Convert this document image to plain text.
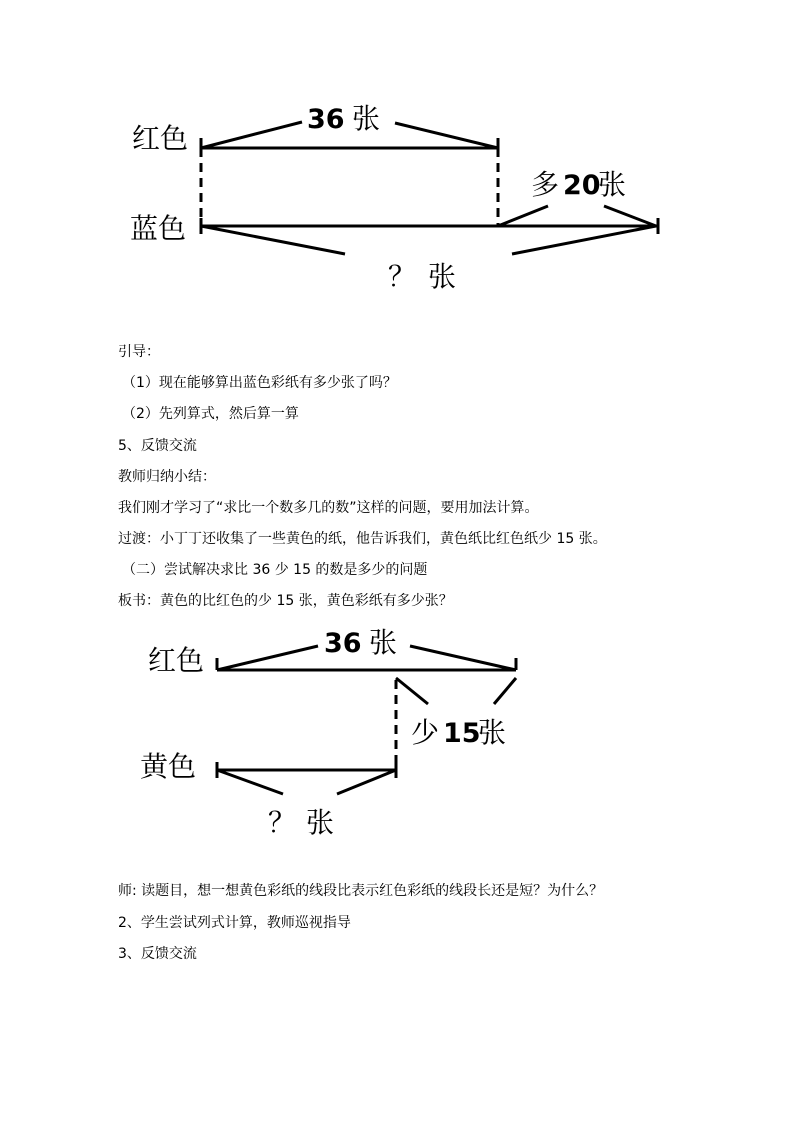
红色
蓝色
36 张
多 20
张
？ 张
引导：
（1）现在能够算出蓝色彩纸有多少张了吗？
（2）先列算式，然后算一算
5、反馈交流
教师归纳小结：
我们刚才学习了“求比一个数多几的数”这样的问题，要用加法计算。
过渡：小丁丁还收集了一些黄色的纸，他告诉我们，黄色纸比红色纸少 15 张。
（二）尝试解决求比 36 少 15 的数是多少的问题
板书：黄色的比红色的少 15 张，黄色彩纸有多少张？
红色
黄色
36 张
少 15
张
？ 张
师: 读题目，想一想黄色彩纸的线段比表示红色彩纸的线段长还是短？为什么？
2、学生尝试列式计算，教师巡视指导
3、反馈交流
